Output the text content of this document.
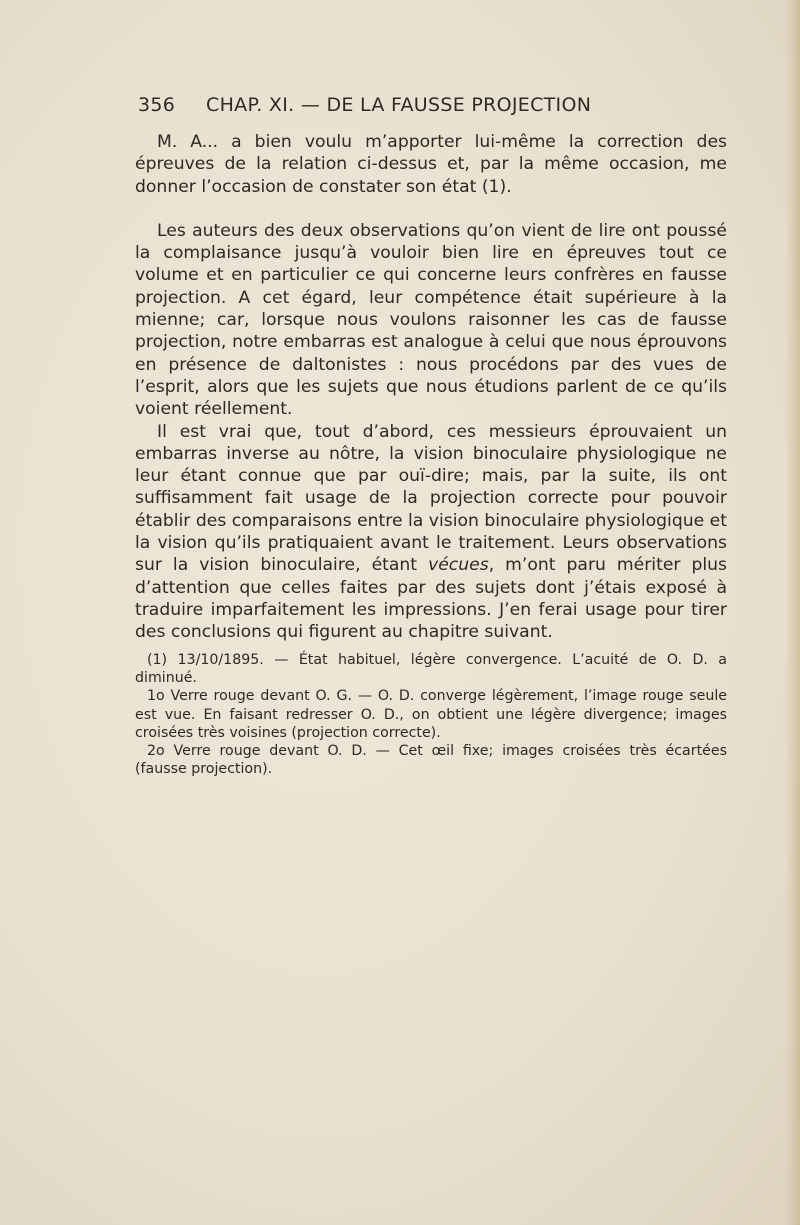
356 CHAP. XI. — DE LA FAUSSE PROJECTION

M. A... a bien voulu m’apporter lui-même la correction des épreuves de la relation ci-dessus et, par la même occasion, me donner l’occasion de constater son état (1).

Les auteurs des deux observations qu’on vient de lire ont poussé la complaisance jusqu’à vouloir bien lire en épreuves tout ce volume et en particulier ce qui concerne leurs confrères en fausse projection. A cet égard, leur compétence était supérieure à la mienne; car, lorsque nous voulons raisonner les cas de fausse projection, notre embarras est analogue à celui que nous éprouvons en présence de daltonistes : nous procédons par des vues de l’esprit, alors que les sujets que nous étudions parlent de ce qu’ils voient réellement.

Il est vrai que, tout d’abord, ces messieurs éprouvaient un embarras inverse au nôtre, la vision binoculaire physiologique ne leur étant connue que par ouï-dire; mais, par la suite, ils ont suffisamment fait usage de la projection correcte pour pouvoir établir des comparaisons entre la vision binoculaire physiologique et la vision qu’ils pratiquaient avant le traitement. Leurs observations sur la vision binoculaire, étant vécues, m’ont paru mériter plus d’attention que celles faites par des sujets dont j’étais exposé à traduire imparfaitement les impressions. J’en ferai usage pour tirer des conclusions qui figurent au chapitre suivant.

(1) 13/10/1895. — État habituel, légère convergence. L’acuité de O. D. a diminué.

1o Verre rouge devant O. G. — O. D. converge légèrement, l’image rouge seule est vue. En faisant redresser O. D., on obtient une légère divergence; images croisées très voisines (projection correcte).

2o Verre rouge devant O. D. — Cet œil fixe; images croisées très écartées (fausse projection).
